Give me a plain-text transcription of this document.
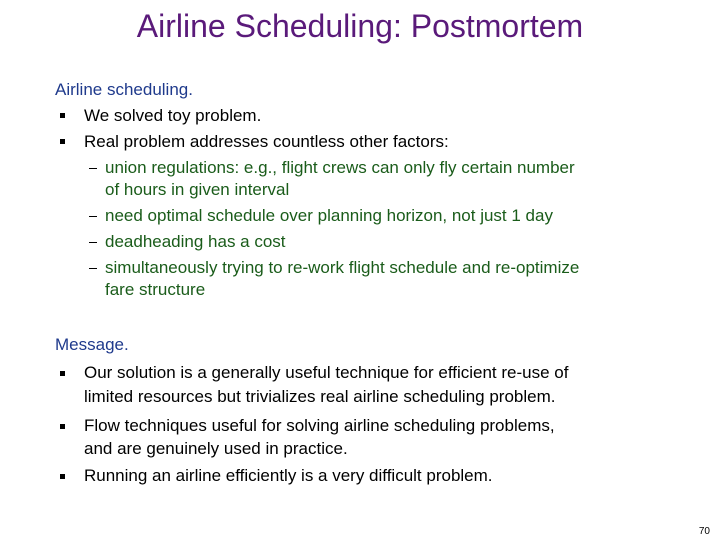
Airline Scheduling: Postmortem
Airline scheduling.
We solved toy problem.
Real problem addresses countless other factors:
union regulations: e.g., flight crews can only fly certain number
of hours in given interval
need optimal schedule over planning horizon, not just 1 day
deadheading has a cost
simultaneously trying to re-work flight schedule and re-optimize
fare structure
Message.
Our solution is a generally useful technique for efficient re-use of
limited resources but trivializes real airline scheduling problem.
Flow techniques useful for solving airline scheduling problems,
and are genuinely used in practice.
Running an airline efficiently is a very difficult problem.
70
